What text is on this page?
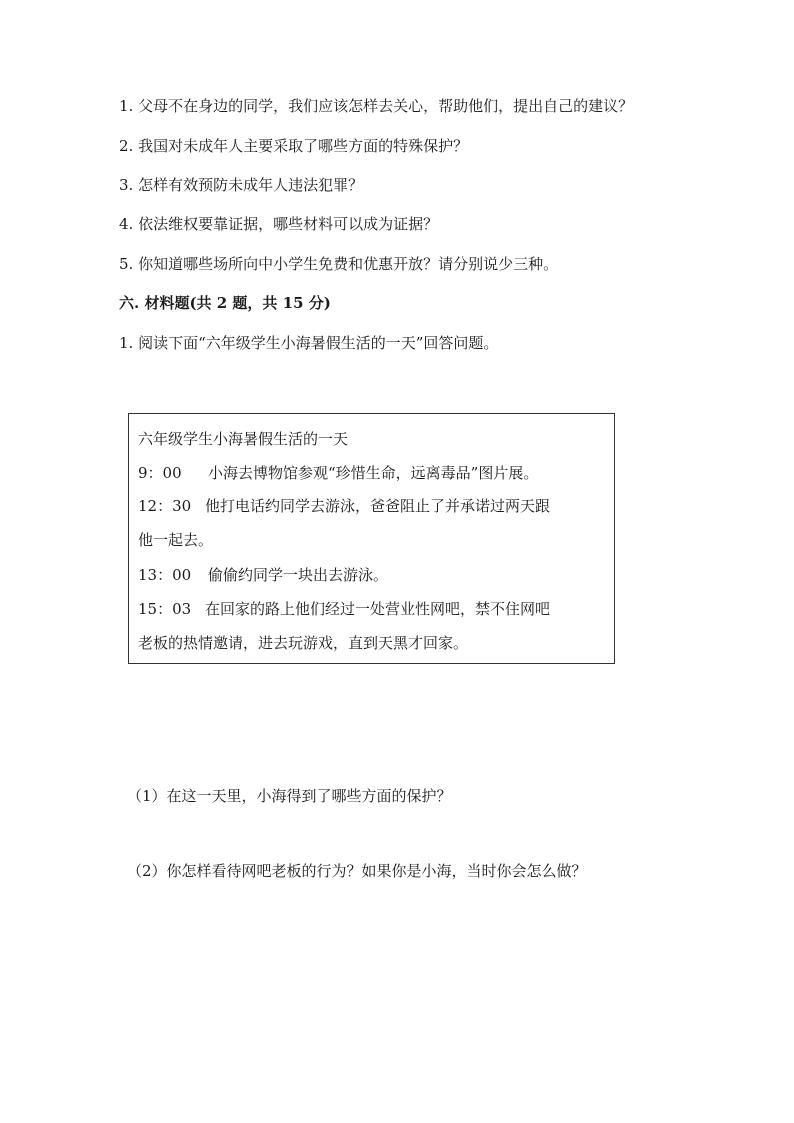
1. 父母不在身边的同学，我们应该怎样去关心，帮助他们，提出自己的建议？
2. 我国对未成年人主要采取了哪些方面的特殊保护？
3. 怎样有效预防未成年人违法犯罪？
4. 依法维权要靠证据，哪些材料可以成为证据？
5. 你知道哪些场所向中小学生免费和优惠开放？请分别说少三种。
六. 材料题(共 2 题，共 15 分)
1. 阅读下面“六年级学生小海暑假生活的一天”回答问题。
六年级学生小海暑假生活的一天
9：00 小海去博物馆参观“珍惜生命，远离毒品”图片展。
12：30 他打电话约同学去游泳，爸爸阻止了并承诺过两天跟
他一起去。
13：00 偷偷约同学一块出去游泳。
15：03 在回家的路上他们经过一处营业性网吧，禁不住网吧
老板的热情邀请，进去玩游戏，直到天黑才回家。
（1）在这一天里，小海得到了哪些方面的保护？
（2）你怎样看待网吧老板的行为？如果你是小海，当时你会怎么做？
